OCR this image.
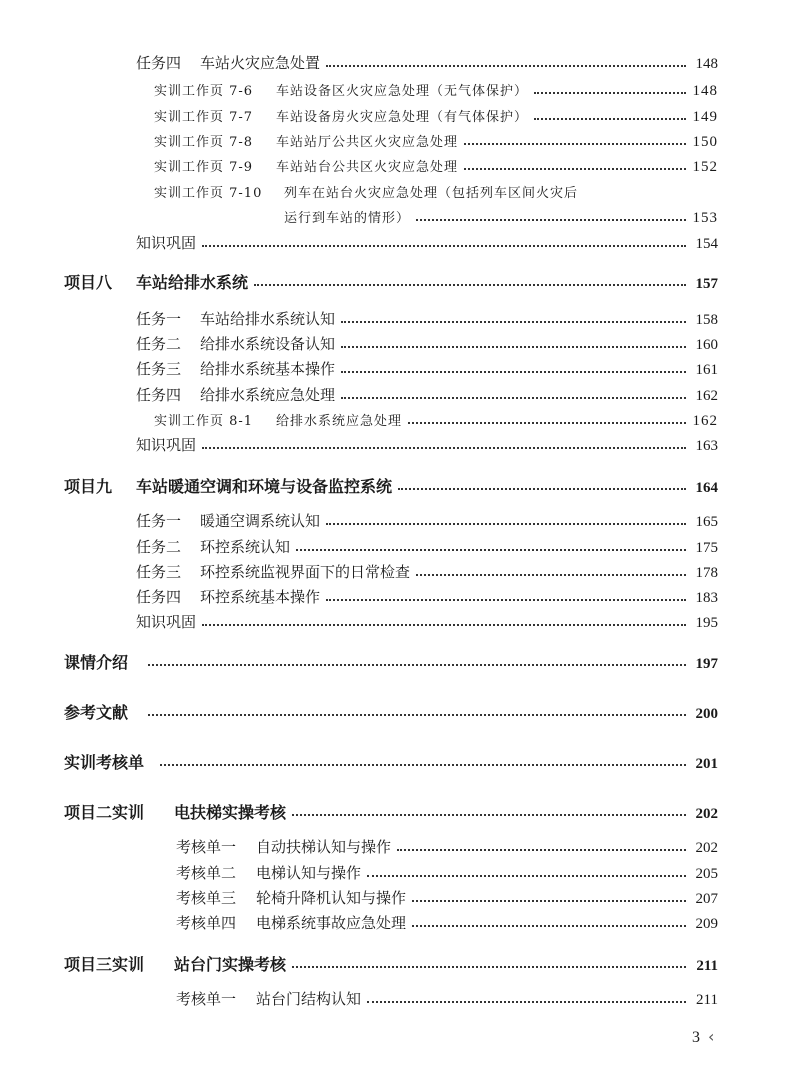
任务四	车站火灾应急处置	148
实训工作页 7-6	车站设备区火灾应急处理（无气体保护）	148
实训工作页 7-7	车站设备房火灾应急处理（有气体保护）	149
实训工作页 7-8	车站站厅公共区火灾应急处理	150
实训工作页 7-9	车站站台公共区火灾应急处理	152
实训工作页 7-10 列车在站台火灾应急处理（包括列车区间火灾后
运行到车站的情形）	153
知识巩固	154
项目八	车站给排水系统	157
任务一	车站给排水系统认知	158
任务二	给排水系统设备认知	160
任务三	给排水系统基本操作	161
任务四	给排水系统应急处理	162
实训工作页 8-1	给排水系统应急处理	162
知识巩固	163
项目九	车站暖通空调和环境与设备监控系统	164
任务一	暖通空调系统认知	165
任务二	环控系统认知	175
任务三	环控系统监视界面下的日常检查	178
任务四	环控系统基本操作	183
知识巩固	195
课情介绍	197
参考文献	200
实训考核单	201
项目二实训	电扶梯实操考核	202
考核单一	自动扶梯认知与操作	202
考核单二	电梯认知与操作	205
考核单三	轮椅升降机认知与操作	207
考核单四	电梯系统事故应急处理	209
项目三实训	站台门实操考核	211
考核单一	站台门结构认知	211
3 ‹
